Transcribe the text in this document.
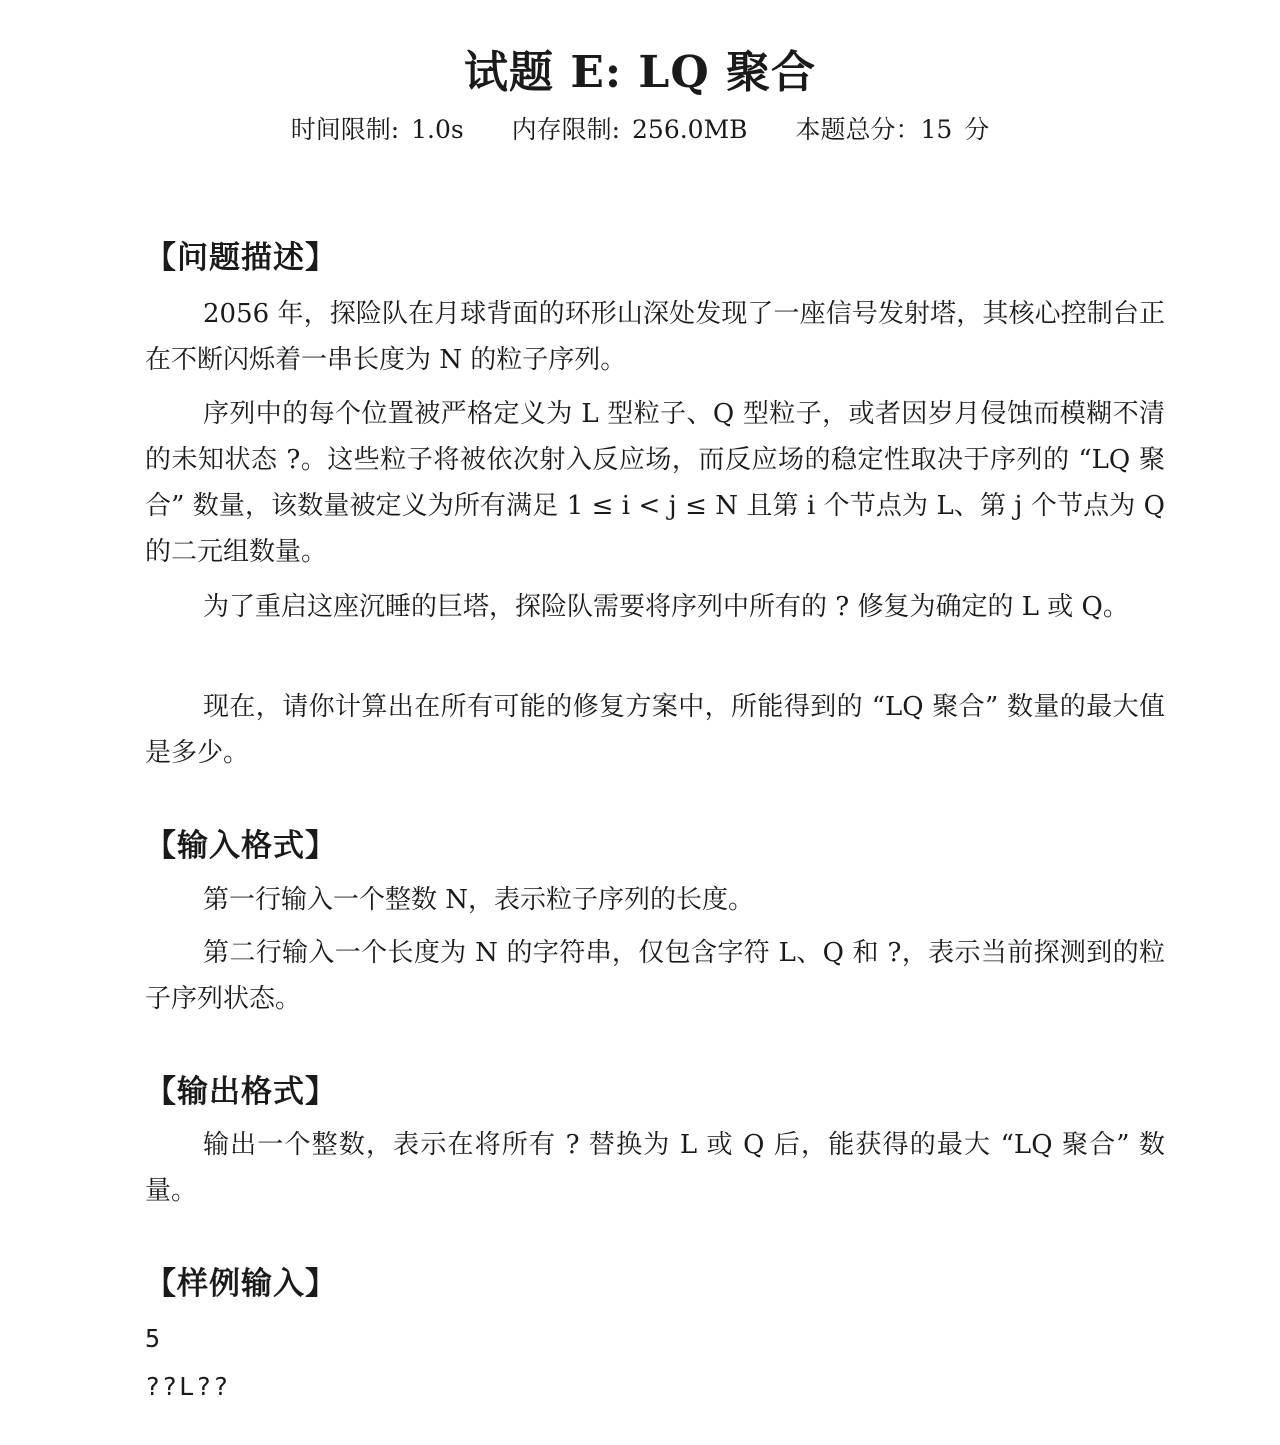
试题 E: LQ 聚合
时间限制: 1.0s 内存限制: 256.0MB 本题总分：15 分
【问题描述】
2056 年，探险队在月球背面的环形山深处发现了一座信号发射塔，其核心控制台正在不断闪烁着一串长度为 N 的粒子序列。
序列中的每个位置被严格定义为 L 型粒子、Q 型粒子，或者因岁月侵蚀而模糊不清的未知状态 ?。这些粒子将被依次射入反应场，而反应场的稳定性取决于序列的 “LQ 聚合” 数量，该数量被定义为所有满足 1 ≤ i < j ≤ N 且第 i 个节点为 L、第 j 个节点为 Q 的二元组数量。
为了重启这座沉睡的巨塔，探险队需要将序列中所有的 ? 修复为确定的 L 或 Q。
现在，请你计算出在所有可能的修复方案中，所能得到的 “LQ 聚合” 数量的最大值是多少。
【输入格式】
第一行输入一个整数 N，表示粒子序列的长度。
第二行输入一个长度为 N 的字符串，仅包含字符 L、Q 和 ?，表示当前探测到的粒子序列状态。
【输出格式】
输出一个整数，表示在将所有 ? 替换为 L 或 Q 后，能获得的最大 “LQ 聚合” 数量。
【样例输入】
5
??L??
